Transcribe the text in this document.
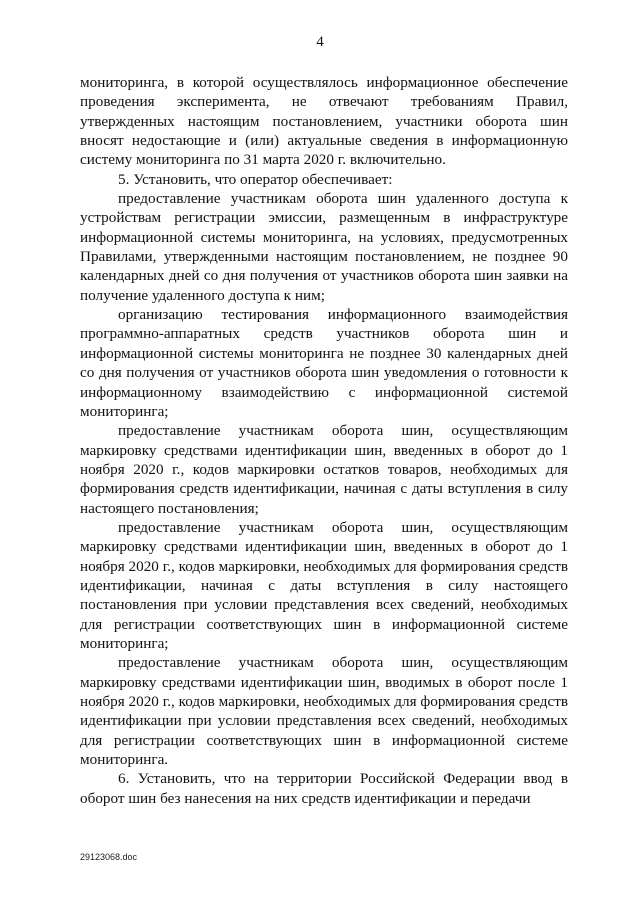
4

мониторинга, в которой осуществлялось информационное обеспечение проведения эксперимента, не отвечают требованиям Правил, утвержденных настоящим постановлением, участники оборота шин вносят недостающие и (или) актуальные сведения в информационную систему мониторинга по 31 марта 2020 г. включительно.

5. Установить, что оператор обеспечивает:

предоставление участникам оборота шин удаленного доступа к устройствам регистрации эмиссии, размещенным в инфраструктуре информационной системы мониторинга, на условиях, предусмотренных Правилами, утвержденными настоящим постановлением, не позднее 90 календарных дней со дня получения от участников оборота шин заявки на получение удаленного доступа к ним;

организацию тестирования информационного взаимодействия программно-аппаратных средств участников оборота шин и информационной системы мониторинга не позднее 30 календарных дней со дня получения от участников оборота шин уведомления о готовности к информационному взаимодействию с информационной системой мониторинга;

предоставление участникам оборота шин, осуществляющим маркировку средствами идентификации шин, введенных в оборот до 1 ноября 2020 г., кодов маркировки остатков товаров, необходимых для формирования средств идентификации, начиная с даты вступления в силу настоящего постановления;

предоставление участникам оборота шин, осуществляющим маркировку средствами идентификации шин, введенных в оборот до 1 ноября 2020 г., кодов маркировки, необходимых для формирования средств идентификации, начиная с даты вступления в силу настоящего постановления при условии представления всех сведений, необходимых для регистрации соответствующих шин в информационной системе мониторинга;

предоставление участникам оборота шин, осуществляющим маркировку средствами идентификации шин, вводимых в оборот после 1 ноября 2020 г., кодов маркировки, необходимых для формирования средств идентификации при условии представления всех сведений, необходимых для регистрации соответствующих шин в информационной системе мониторинга.

6. Установить, что на территории Российской Федерации ввод в оборот шин без нанесения на них средств идентификации и передачи

29123068.doc
